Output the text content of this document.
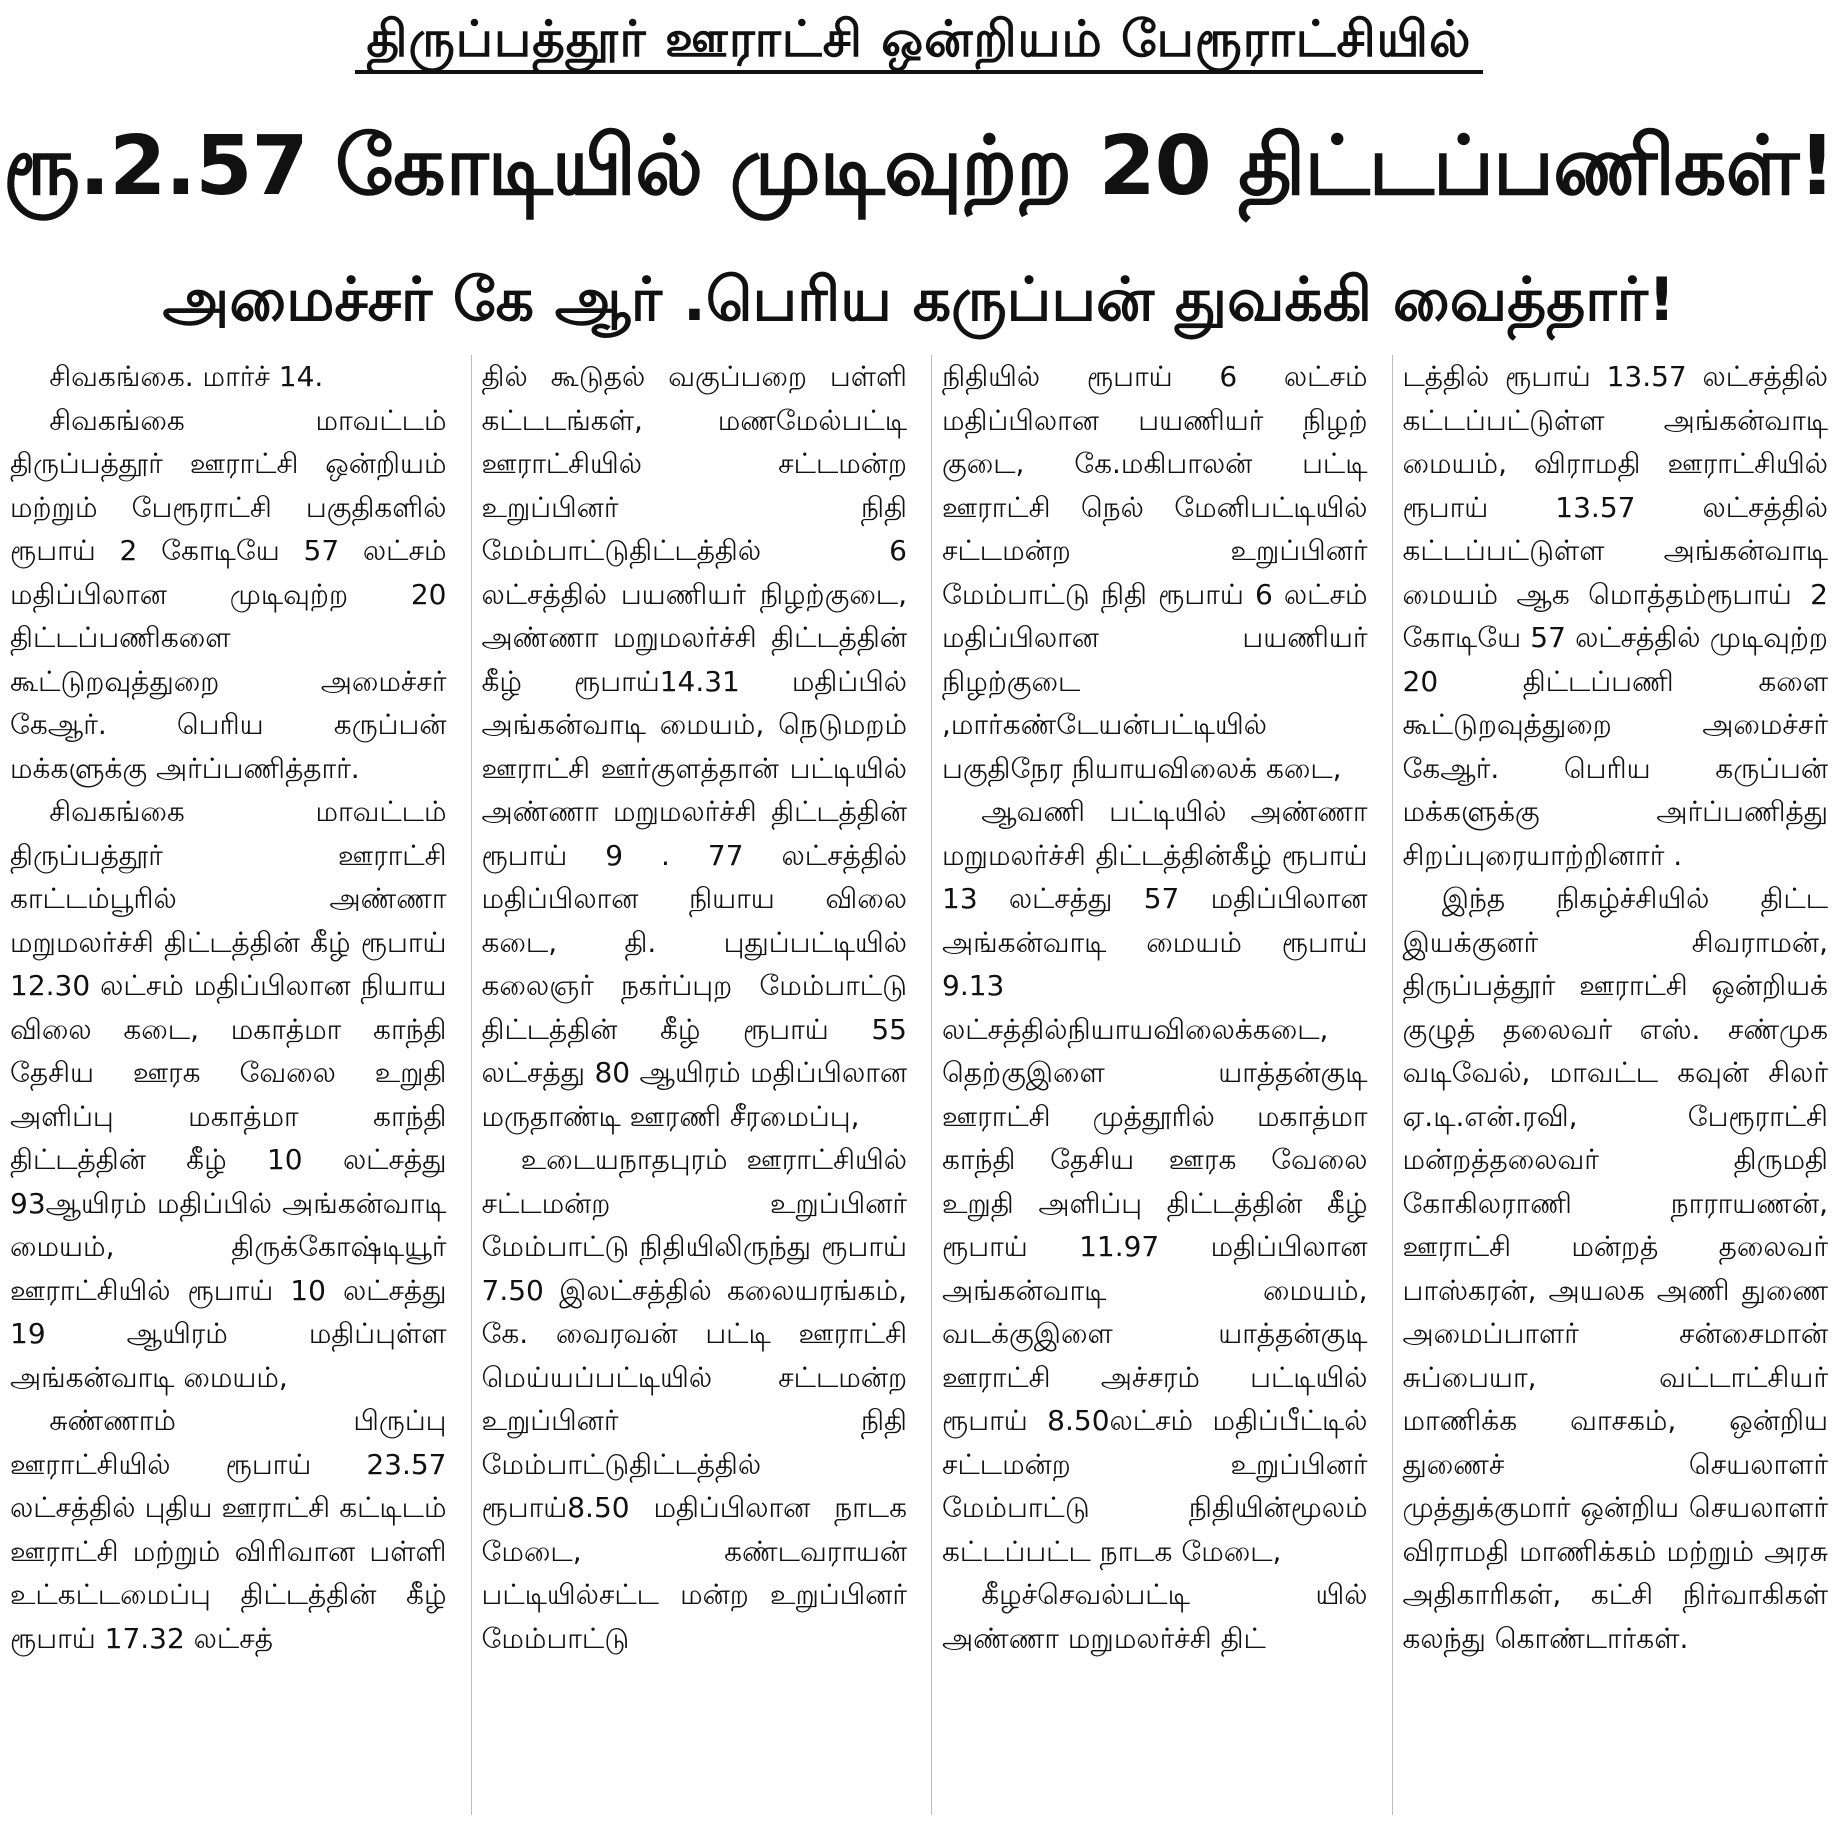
திருப்பத்தூர் ஊராட்சி ஒன்றியம் பேரூராட்சியில்
ரூ.2.57 கோடியில் முடிவுற்ற 20 திட்டப்பணிகள்!
அமைச்சர் கே ஆர் .பெரிய கருப்பன் துவக்கி வைத்தார்!

சிவகங்கை. மார்ச் 14.

சிவகங்கை மாவட்டம் திருப்பத்தூர் ஊராட்சி ஒன்றியம் மற்றும் பேரூராட்சி பகுதிகளில் ரூபாய் 2 கோடியே 57 லட்சம் மதிப்பிலான முடிவுற்ற 20 திட்டப்பணிகளை கூட்டுறவுத்துறை அமைச்சர் கேஆர். பெரிய கருப்பன் மக்களுக்கு அர்ப்பணித்தார்.

சிவகங்கை மாவட்டம் திருப்பத்தூர் ஊராட்சி காட்டம்பூரில் அண்ணா மறுமலர்ச்சி திட்டத்தின் கீழ் ரூபாய் 12.30 லட்சம் மதிப்பிலான நியாய விலை கடை, மகாத்மா காந்தி தேசிய ஊரக வேலை உறுதி அளிப்பு மகாத்மா காந்தி திட்டத்தின் கீழ் 10 லட்சத்து 93ஆயிரம் மதிப்பில் அங்கன்வாடி மையம், திருக்கோஷ்டியூர் ஊராட்சியில் ரூபாய் 10 லட்சத்து 19 ஆயிரம் மதிப்புள்ள அங்கன்வாடி மையம்,

சுண்ணாம் பிருப்பு ஊராட்சியில் ரூபாய் 23.57 லட்சத்தில் புதிய ஊராட்சி கட்டிடம் ஊராட்சி மற்றும் விரிவான பள்ளி உட்கட்டமைப்பு திட்டத்தின் கீழ் ரூபாய் 17.32 லட்சத்

தில் கூடுதல் வகுப்பறை பள்ளி கட்டடங்கள், மணமேல்பட்டி ஊராட்சியில் சட்டமன்ற உறுப்பினர் நிதி மேம்பாட்டுதிட்டத்தில் 6 லட்சத்தில் பயணியர் நிழற்குடை, அண்ணா மறுமலர்ச்சி திட்டத்தின் கீழ் ரூபாய்14.31 மதிப்பில் அங்கன்வாடி மையம், நெடுமறம் ஊராட்சி ஊர்குளத்தான் பட்டியில் அண்ணா மறுமலர்ச்சி திட்டத்தின் ரூபாய் 9 . 77 லட்சத்தில் மதிப்பிலான நியாய விலை கடை, தி. புதுப்பட்டியில் கலைஞர் நகர்ப்புற மேம்பாட்டு திட்டத்தின் கீழ் ரூபாய் 55 லட்சத்து 80 ஆயிரம் மதிப்பிலான மருதாண்டி ஊரணி சீரமைப்பு,

உடையநாதபுரம் ஊராட்சியில் சட்டமன்ற உறுப்பினர் மேம்பாட்டு நிதியிலிருந்து ரூபாய் 7.50 இலட்சத்தில் கலையரங்கம், கே. வைரவன் பட்டி ஊராட்சி மெய்யப்பட்டியில் சட்டமன்ற உறுப்பினர் நிதி மேம்பாட்டுதிட்டத்தில் ரூபாய்8.50 மதிப்பிலான நாடக மேடை, கண்டவராயன் பட்டியில்சட்ட மன்ற உறுப்பினர் மேம்பாட்டு

நிதியில் ரூபாய் 6 லட்சம் மதிப்பிலான பயணியர் நிழற் குடை, கே.மகிபாலன் பட்டி ஊராட்சி நெல் மேனிபட்டியில் சட்டமன்ற உறுப்பினர் மேம்பாட்டு நிதி ரூபாய் 6 லட்சம் மதிப்பிலான பயணியர் நிழற்குடை ,மார்கண்டேயன்பட்டியில் பகுதிநேர நியாயவிலைக் கடை,

ஆவணி பட்டியில் அண்ணா மறுமலர்ச்சி திட்டத்தின்கீழ் ரூபாய் 13 லட்சத்து 57 மதிப்பிலான அங்கன்வாடி மையம் ரூபாய் 9.13 லட்சத்தில்நியாயவிலைக்கடை, தெற்குஇளை யாத்தன்குடி ஊராட்சி முத்தூரில் மகாத்மா காந்தி தேசிய ஊரக வேலை உறுதி அளிப்பு திட்டத்தின் கீழ் ரூபாய் 11.97 மதிப்பிலான அங்கன்வாடி மையம், வடக்குஇளை யாத்தன்குடி ஊராட்சி அச்சரம் பட்டியில் ரூபாய் 8.50லட்சம் மதிப்பீட்டில் சட்டமன்ற உறுப்பினர் மேம்பாட்டு நிதியின்மூலம் கட்டப்பட்ட நாடக மேடை,

கீழச்செவல்பட்டி யில் அண்ணா மறுமலர்ச்சி திட்

டத்தில் ரூபாய் 13.57 லட்சத்தில் கட்டப்பட்டுள்ள அங்கன்வாடி மையம், விராமதி ஊராட்சியில் ரூபாய் 13.57 லட்சத்தில் கட்டப்பட்டுள்ள அங்கன்வாடி மையம் ஆக மொத்தம்ரூபாய் 2 கோடியே 57 லட்சத்தில் முடிவுற்ற 20 திட்டப்பணி களை கூட்டுறவுத்துறை அமைச்சர் கேஆர். பெரிய கருப்பன் மக்களுக்கு அர்ப்பணித்து சிறப்புரையாற்றினார் .

இந்த நிகழ்ச்சியில் திட்ட இயக்குனர் சிவராமன், திருப்பத்தூர் ஊராட்சி ஒன்றியக் குழுத் தலைவர் எஸ். சண்முக வடிவேல், மாவட்ட கவுன் சிலர் ஏ.டி.என்.ரவி, பேரூராட்சி மன்றத்தலைவர் திருமதி கோகிலராணி நாராயணன், ஊராட்சி மன்றத் தலைவர் பாஸ்கரன், அயலக அணி துணை அமைப்பாளர் சன்சைமான் சுப்பையா, வட்டாட்சியர் மாணிக்க வாசகம், ஒன்றிய துணைச் செயலாளர் முத்துக்குமார் ஒன்றிய செயலாளர் விராமதி மாணிக்கம் மற்றும் அரசு அதிகாரிகள், கட்சி நிர்வாகிகள் கலந்து கொண்டார்கள்.
